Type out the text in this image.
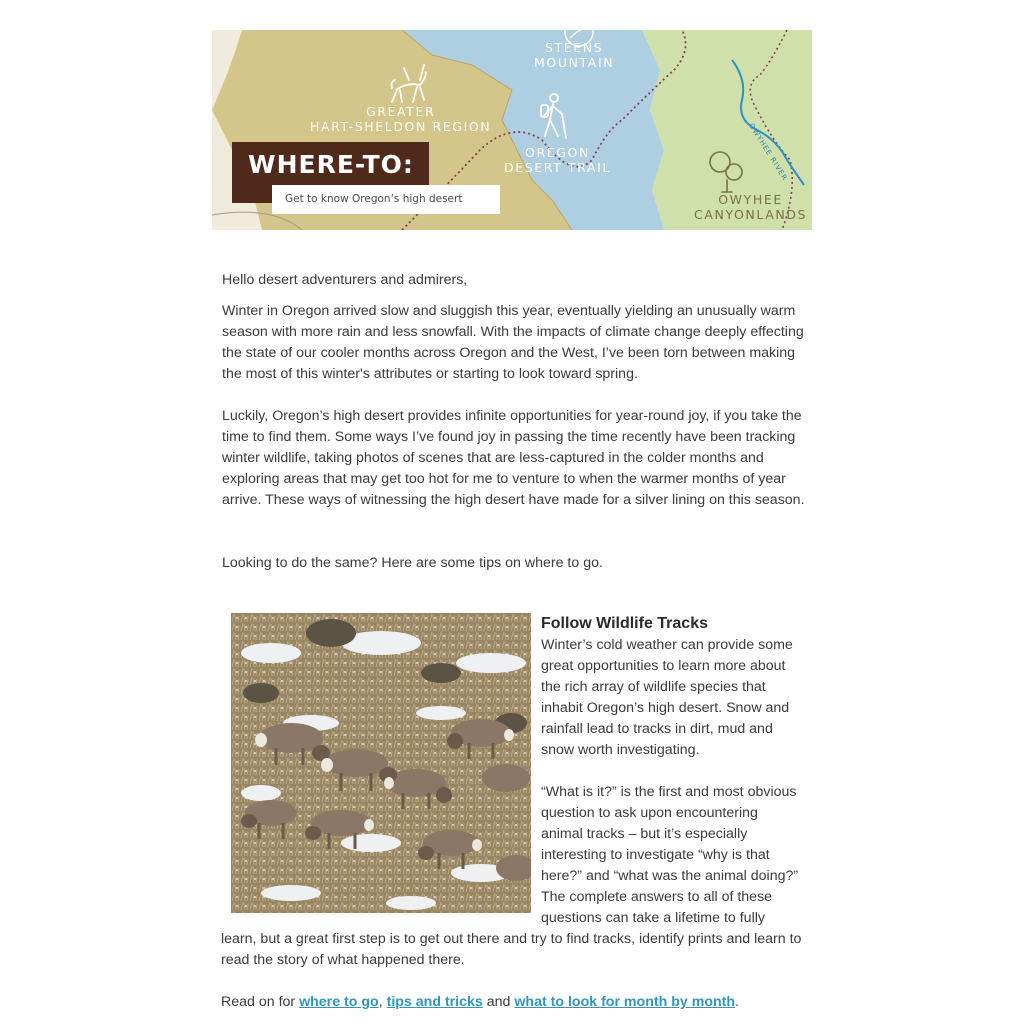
STEENS
MOUNTAIN
GREATER
HART-SHELDON REGION
OREGON
DESERT TRAIL
OWYHEE
CANYONLANDS
OWYHEE RIVER
WHERE-TO:
Get to know Oregon’s high desert

Hello desert adventurers and admirers,

Winter in Oregon arrived slow and sluggish this year, eventually yielding an unusually warm season with more rain and less snowfall. With the impacts of climate change deeply effecting the state of our cooler months across Oregon and the West, I’ve been torn between making the most of this winter's attributes or starting to look toward spring.

Luckily, Oregon’s high desert provides infinite opportunities for year-round joy, if you take the time to find them. Some ways I’ve found joy in passing the time recently have been tracking winter wildlife, taking photos of scenes that are less-captured in the colder months and exploring areas that may get too hot for me to venture to when the warmer months of year arrive. These ways of witnessing the high desert have made for a silver lining on this season.

Looking to do the same? Here are some tips on where to go.

Follow Wildlife Tracks

Winter’s cold weather can provide some great opportunities to learn more about the rich array of wildlife species that inhabit Oregon’s high desert. Snow and rainfall lead to tracks in dirt, mud and snow worth investigating.

“What is it?” is the first and most obvious question to ask upon encountering animal tracks – but it’s especially interesting to investigate “why is that here?” and “what was the animal doing?” The complete answers to all of these questions can take a lifetime to fully

learn, but a great first step is to get out there and try to find tracks, identify prints and learn to read the story of what happened there.

Read on for where to go, tips and tricks and what to look for month by month.
